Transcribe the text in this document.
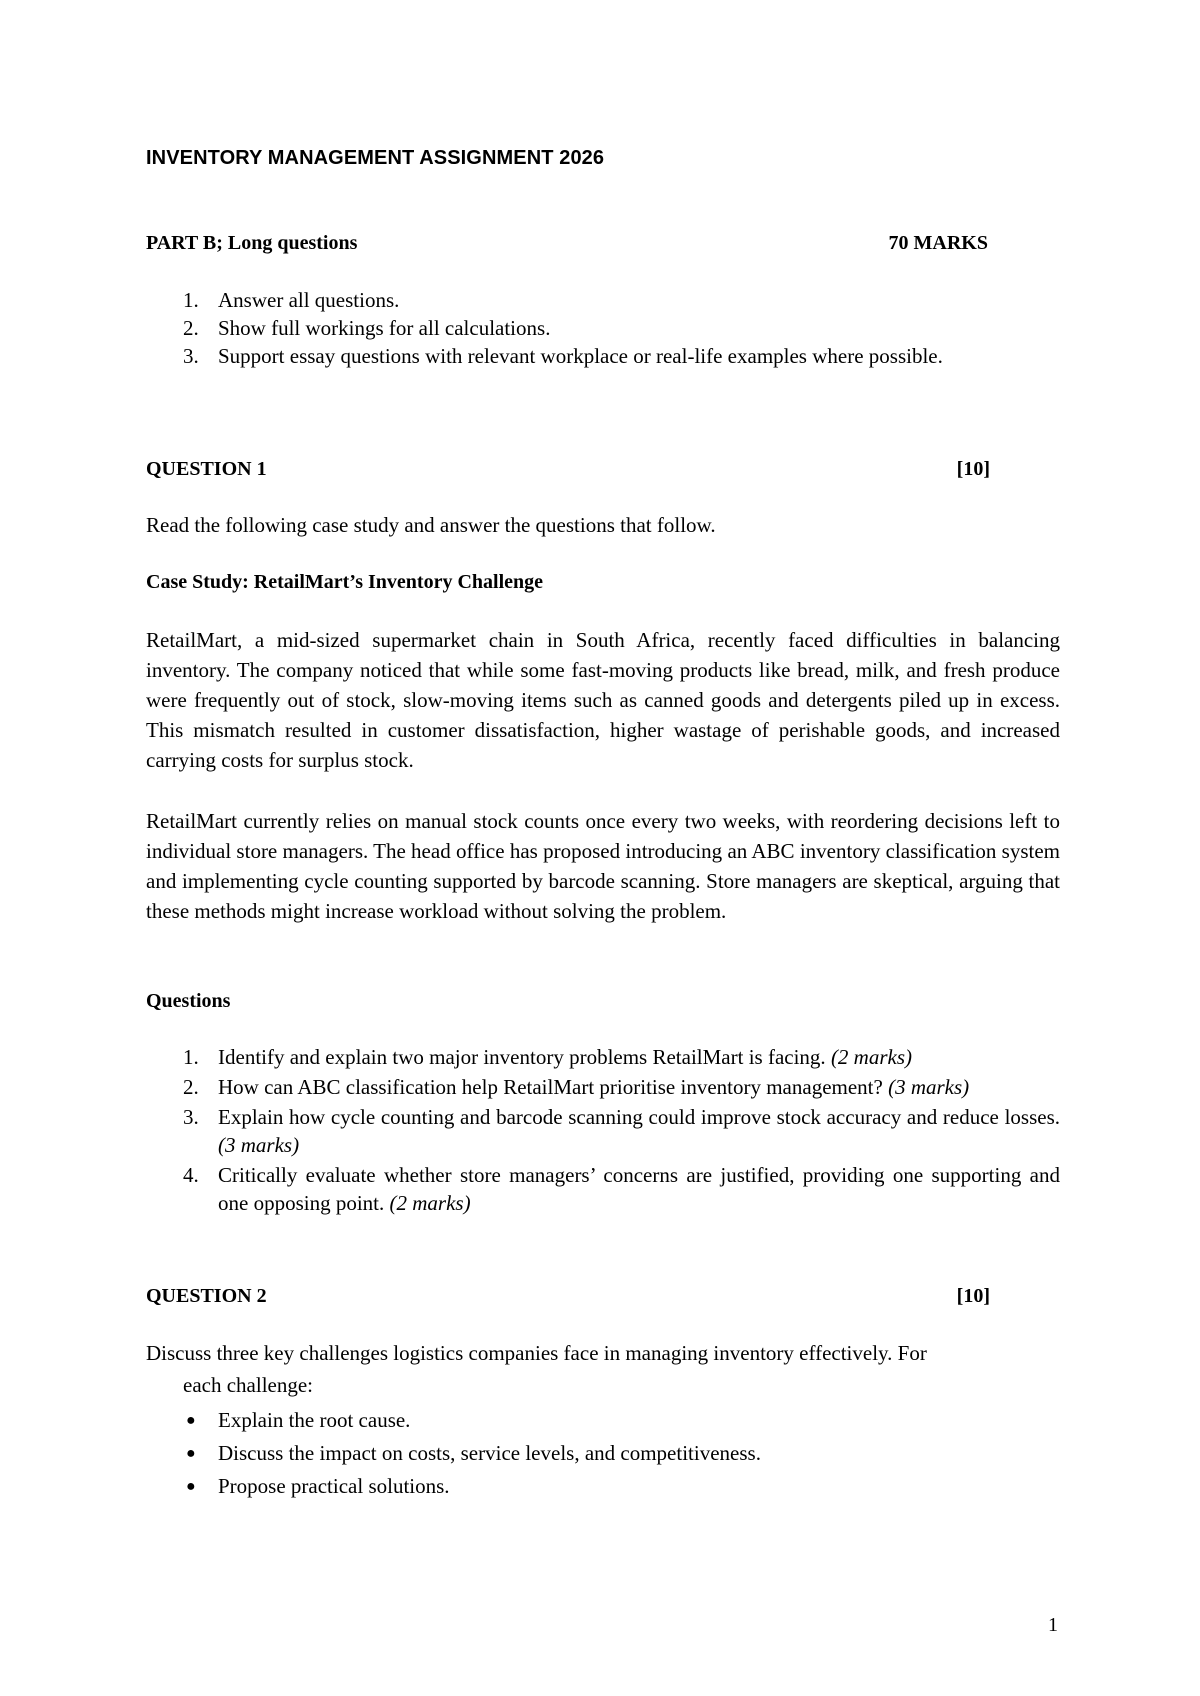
INVENTORY MANAGEMENT ASSIGNMENT 2026
PART B; Long questions	70 MARKS
1. Answer all questions.
2. Show full workings for all calculations.
3. Support essay questions with relevant workplace or real-life examples where possible.
QUESTION 1	[10]
Read the following case study and answer the questions that follow.
Case Study: RetailMart’s Inventory Challenge
RetailMart, a mid-sized supermarket chain in South Africa, recently faced difficulties in balancing inventory. The company noticed that while some fast-moving products like bread, milk, and fresh produce were frequently out of stock, slow-moving items such as canned goods and detergents piled up in excess. This mismatch resulted in customer dissatisfaction, higher wastage of perishable goods, and increased carrying costs for surplus stock.
RetailMart currently relies on manual stock counts once every two weeks, with reordering decisions left to individual store managers. The head office has proposed introducing an ABC inventory classification system and implementing cycle counting supported by barcode scanning. Store managers are skeptical, arguing that these methods might increase workload without solving the problem.
Questions
1. Identify and explain two major inventory problems RetailMart is facing. (2 marks)
2. How can ABC classification help RetailMart prioritise inventory management? (3 marks)
3. Explain how cycle counting and barcode scanning could improve stock accuracy and reduce losses. (3 marks)
4. Critically evaluate whether store managers’ concerns are justified, providing one supporting and one opposing point. (2 marks)
QUESTION 2	[10]
Discuss three key challenges logistics companies face in managing inventory effectively. For
each challenge:
● Explain the root cause.
● Discuss the impact on costs, service levels, and competitiveness.
● Propose practical solutions.
1
